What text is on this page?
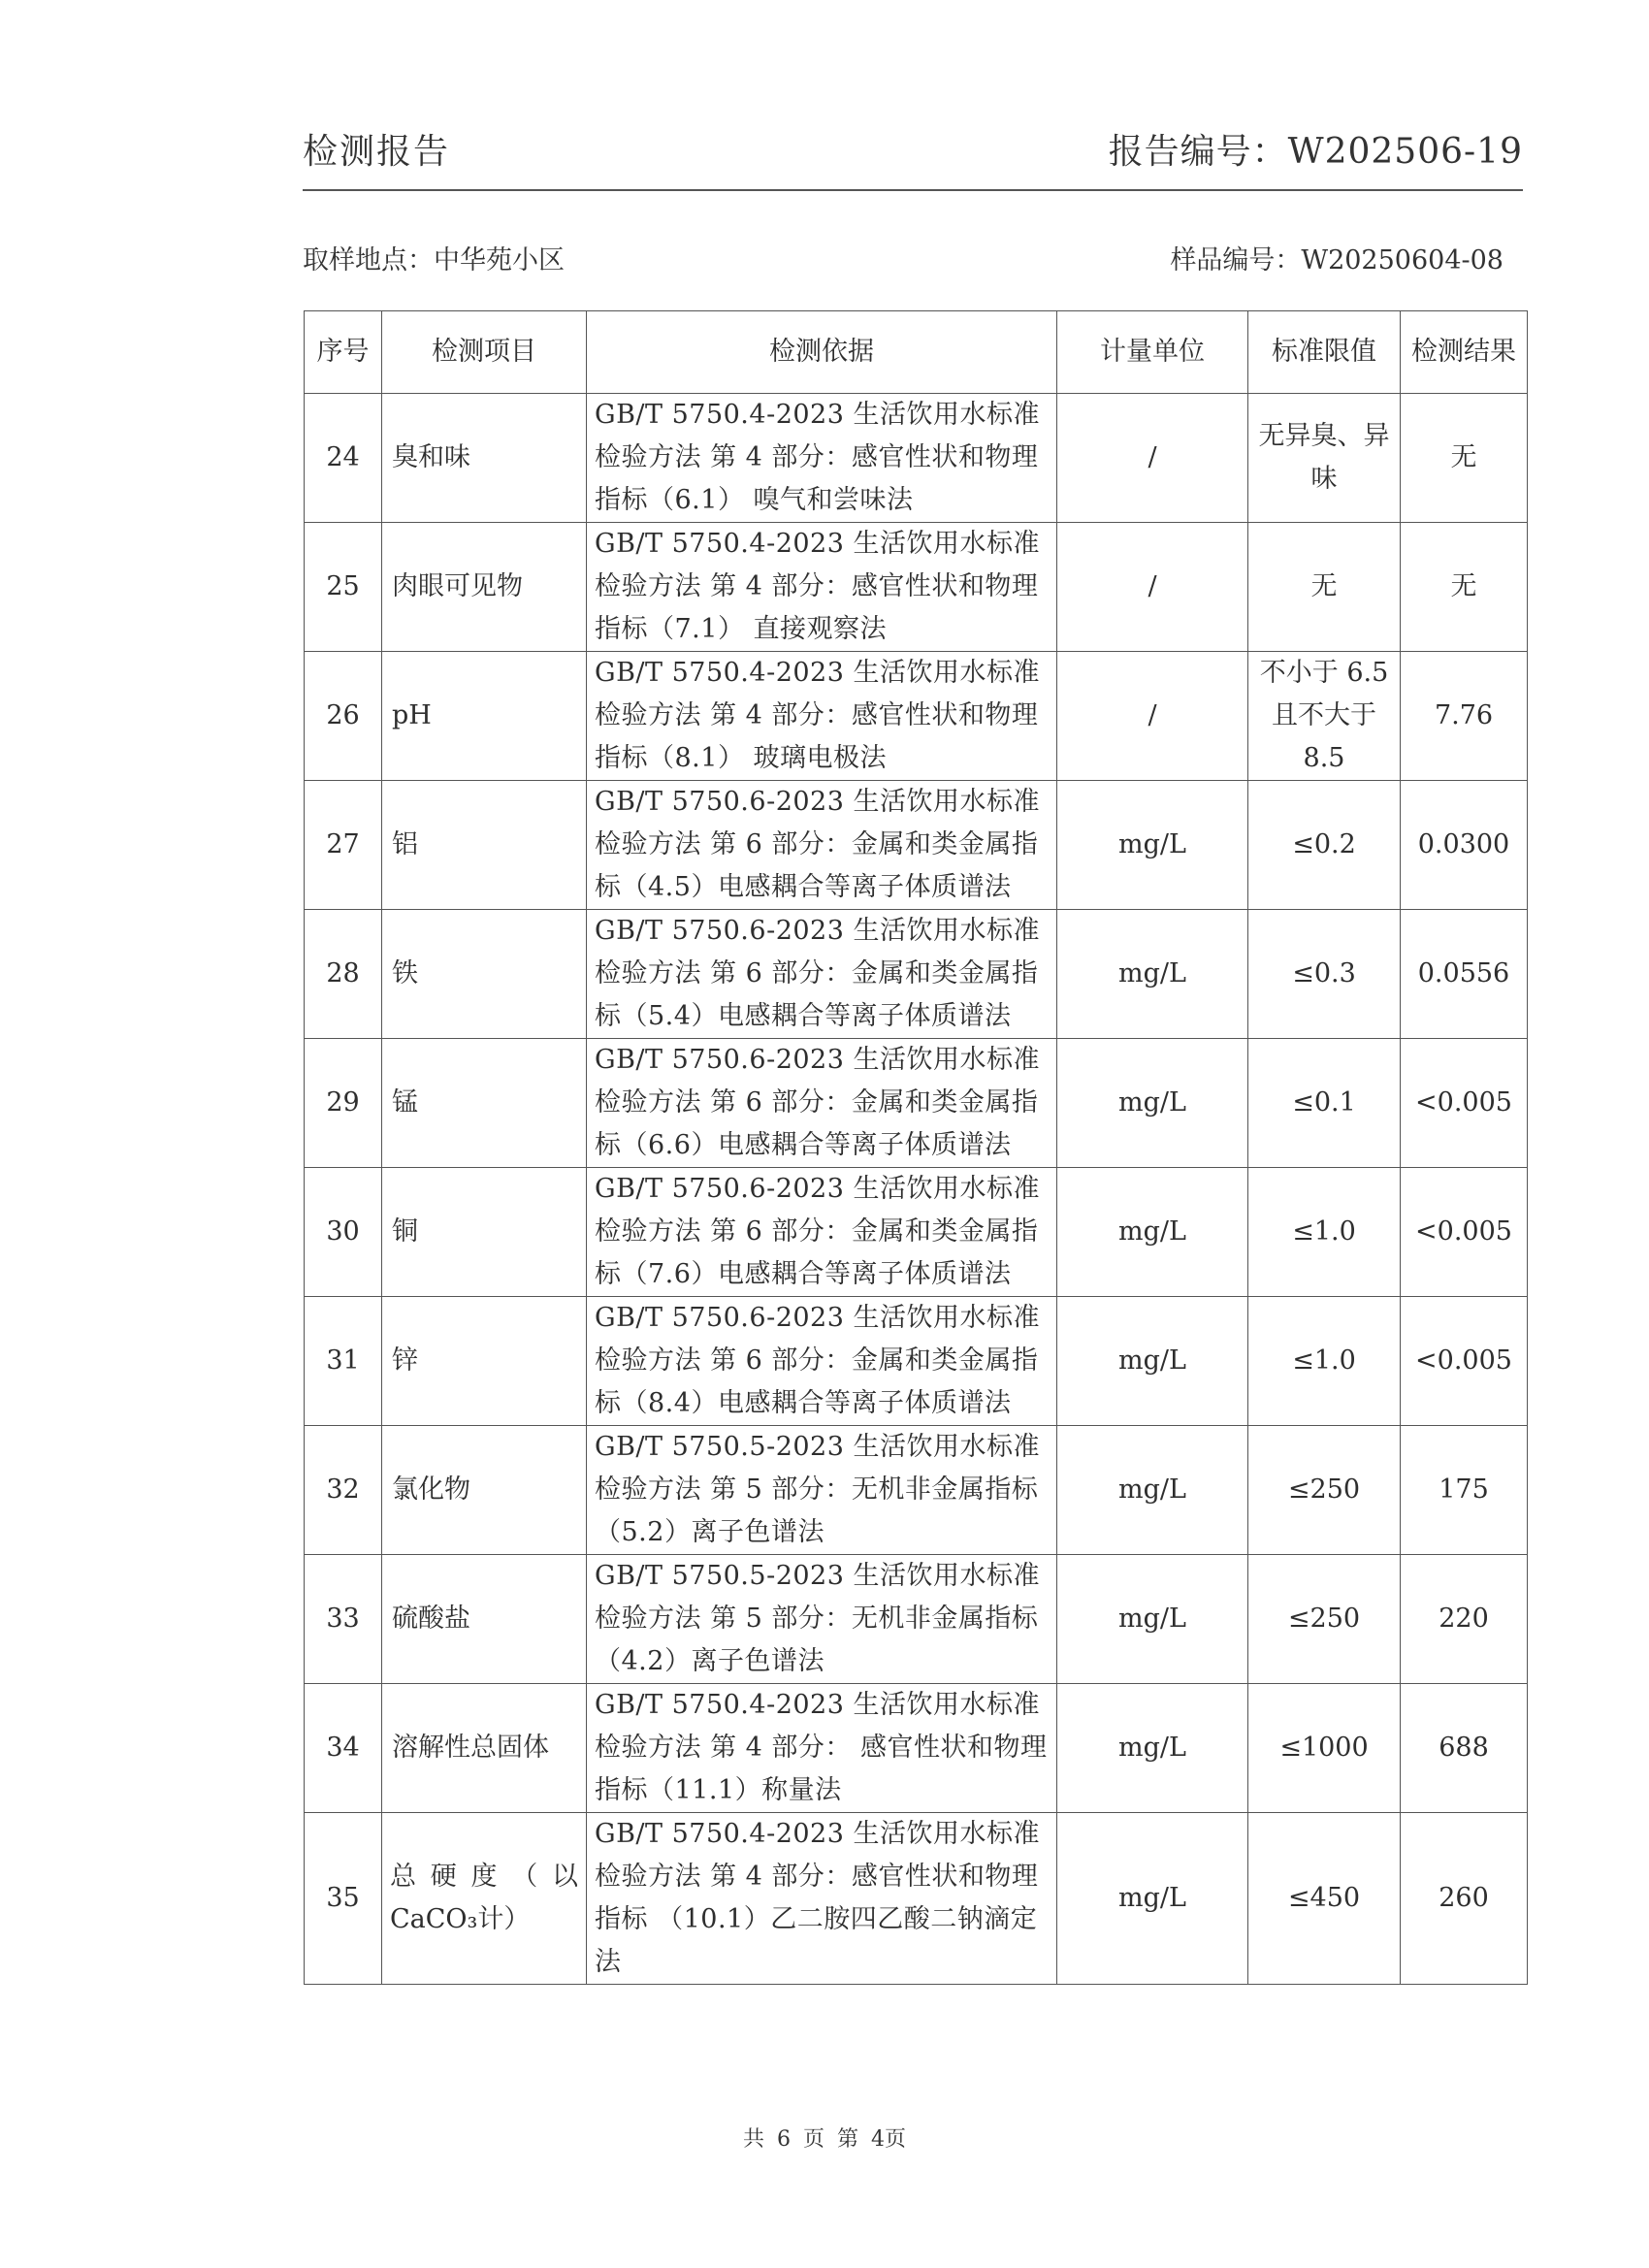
检测报告	报告编号：W202506-19
取样地点：中华苑小区	样品编号：W20250604-08
序号	检测项目	检测依据	计量单位	标准限值	检测结果
24	臭和味	GB/T 5750.4-2023 生活饮用水标准检验方法 第 4 部分：感官性状和物理指标（6.1） 嗅气和尝味法	/	无异臭、异味	无
25	肉眼可见物	GB/T 5750.4-2023 生活饮用水标准检验方法 第 4 部分：感官性状和物理指标（7.1） 直接观察法	/	无	无
26	pH	GB/T 5750.4-2023 生活饮用水标准检验方法 第 4 部分：感官性状和物理指标（8.1） 玻璃电极法	/	不小于 6.5 且不大于 8.5	7.76
27	铝	GB/T 5750.6-2023 生活饮用水标准检验方法 第 6 部分：金属和类金属指标（4.5）电感耦合等离子体质谱法	mg/L	≤0.2	0.0300
28	铁	GB/T 5750.6-2023 生活饮用水标准检验方法 第 6 部分：金属和类金属指标（5.4）电感耦合等离子体质谱法	mg/L	≤0.3	0.0556
29	锰	GB/T 5750.6-2023 生活饮用水标准检验方法 第 6 部分：金属和类金属指标（6.6）电感耦合等离子体质谱法	mg/L	≤0.1	<0.005
30	铜	GB/T 5750.6-2023 生活饮用水标准检验方法 第 6 部分：金属和类金属指标（7.6）电感耦合等离子体质谱法	mg/L	≤1.0	<0.005
31	锌	GB/T 5750.6-2023 生活饮用水标准检验方法 第 6 部分：金属和类金属指标（8.4）电感耦合等离子体质谱法	mg/L	≤1.0	<0.005
32	氯化物	GB/T 5750.5-2023 生活饮用水标准检验方法 第 5 部分：无机非金属指标（5.2）离子色谱法	mg/L	≤250	175
33	硫酸盐	GB/T 5750.5-2023 生活饮用水标准检验方法 第 5 部分：无机非金属指标（4.2）离子色谱法	mg/L	≤250	220
34	溶解性总固体	GB/T 5750.4-2023 生活饮用水标准检验方法 第 4 部分： 感官性状和物理指标（11.1）称量法	mg/L	≤1000	688
35	总硬度（以CaCO₃计）	GB/T 5750.4-2023 生活饮用水标准检验方法 第 4 部分：感官性状和物理指标 （10.1）乙二胺四乙酸二钠滴定法	mg/L	≤450	260
共 6 页 第 4页
